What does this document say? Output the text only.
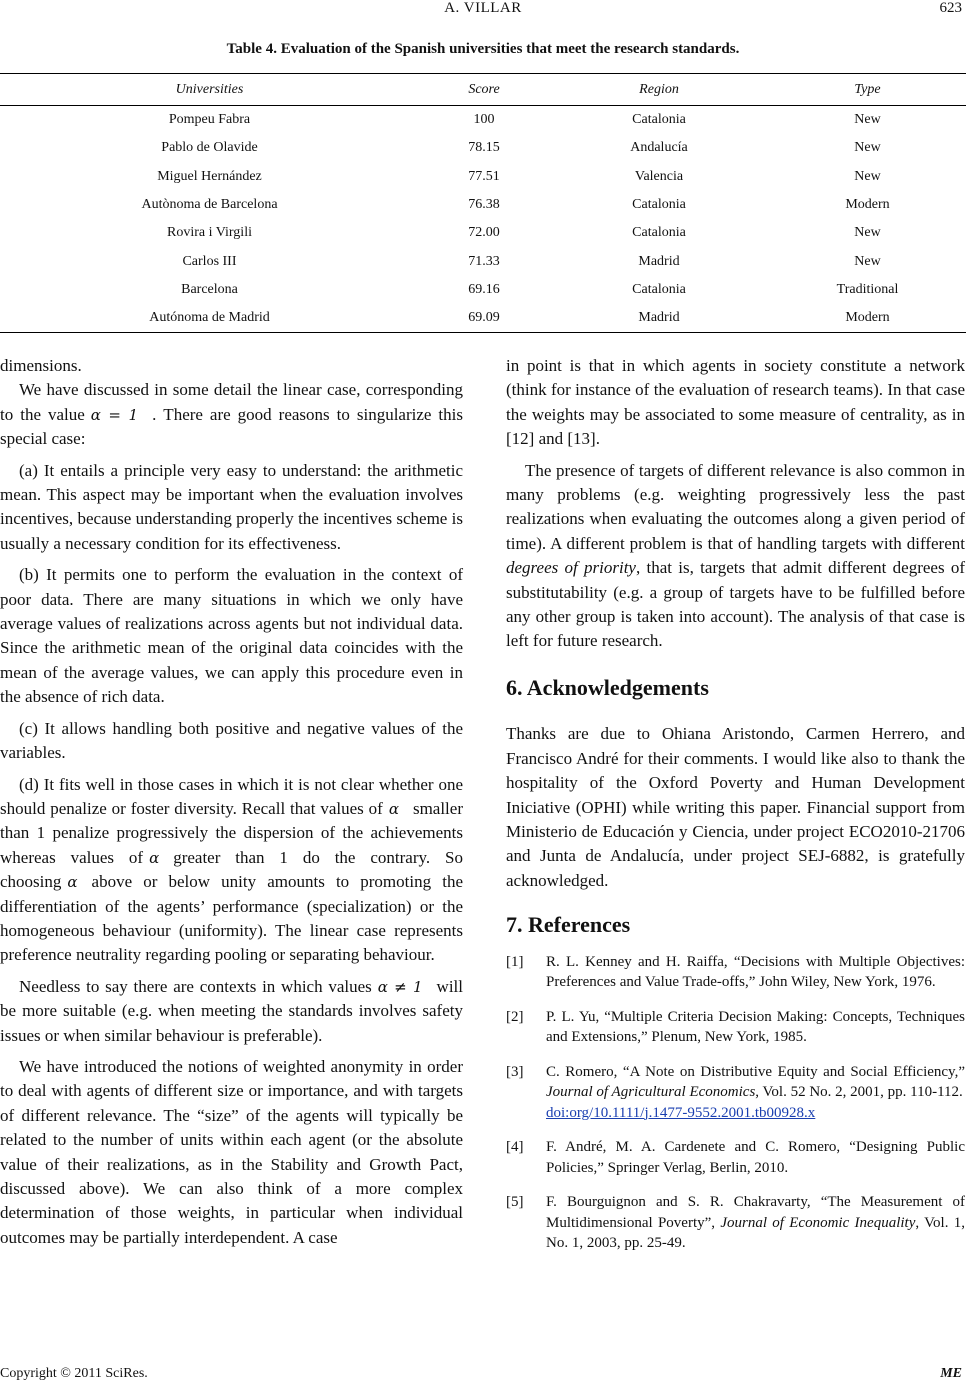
A. VILLAR	623
Table 4. Evaluation of the Spanish universities that meet the research standards.
Universities	Score	Region	Type
Pompeu Fabra	100	Catalonia	New
Pablo de Olavide	78.15	Andalucía	New
Miguel Hernández	77.51	Valencia	New
Autònoma de Barcelona	76.38	Catalonia	Modern
Rovira i Virgili	72.00	Catalonia	New
Carlos III	71.33	Madrid	New
Barcelona	69.16	Catalonia	Traditional
Autónoma de Madrid	69.09	Madrid	Modern

dimensions.

We have discussed in some detail the linear case, corresponding to the value α = 1 . There are good reasons to singularize this special case:

(a) It entails a principle very easy to understand: the arithmetic mean. This aspect may be important when the evaluation involves incentives, because understanding properly the incentives scheme is usually a necessary condition for its effectiveness.

(b) It permits one to perform the evaluation in the context of poor data. There are many situations in which we only have average values of realizations across agents but not individual data. Since the arithmetic mean of the original data coincides with the mean of the average values, we can apply this procedure even in the absence of rich data.

(c) It allows handling both positive and negative values of the variables.

(d) It fits well in those cases in which it is not clear whether one should penalize or foster diversity. Recall that values of α smaller than 1 penalize progressively the dispersion of the achievements whereas values of α greater than 1 do the contrary. So choosing α above or below unity amounts to promoting the differentiation of the agents’ performance (specialization) or the homogeneous behaviour (uniformity). The linear case represents preference neutrality regarding pooling or separating behaviour.

Needless to say there are contexts in which values α ≠ 1 will be more suitable (e.g. when meeting the standards involves safety issues or when similar behaviour is preferable).

We have introduced the notions of weighted anonymity in order to deal with agents of different size or importance, and with targets of different relevance. The “size” of the agents will typically be related to the number of units within each agent (or the absolute value of their realizations, as in the Stability and Growth Pact, discussed above). We can also think of a more complex determination of those weights, in particular when individual outcomes may be partially interdependent. A case

in point is that in which agents in society constitute a network (think for instance of the evaluation of research teams). In that case the weights may be associated to some measure of centrality, as in [12] and [13].

The presence of targets of different relevance is also common in many problems (e.g. weighting progressively less the past realizations when evaluating the outcomes along a given period of time). A different problem is that of handling targets with different degrees of priority, that is, targets that admit different degrees of substitutability (e.g. a group of targets have to be fulfilled before any other group is taken into account). The analysis of that case is left for future research.

6. Acknowledgements

Thanks are due to Ohiana Aristondo, Carmen Herrero, and Francisco André for their comments. I would like also to thank the hospitality of the Oxford Poverty and Human Development Iniciative (OPHI) while writing this paper. Financial support from Ministerio de Educación y Ciencia, under project ECO2010-21706 and Junta de Andalucía, under project SEJ-6882, is gratefully acknowledged.

7. References
[1]	R. L. Kenney and H. Raiffa, “Decisions with Multiple Objectives: Preferences and Value Trade-offs,” John Wiley, New York, 1976.
[2]	P. L. Yu, “Multiple Criteria Decision Making: Concepts, Techniques and Extensions,” Plenum, New York, 1985.
[3]	C. Romero, “A Note on Distributive Equity and Social Efficiency,” Journal of Agricultural Economics, Vol. 52 No. 2, 2001, pp. 110-112.
doi:org/10.1111/j.1477-9552.2001.tb00928.x
[4]	F. André, M. A. Cardenete and C. Romero, “Designing Public Policies,” Springer Verlag, Berlin, 2010.
[5]	F. Bourguignon and S. R. Chakravarty, “The Measurement of Multidimensional Poverty”, Journal of Economic Inequality, Vol. 1, No. 1, 2003, pp. 25-49.
Copyright © 2011 SciRes.	ME
